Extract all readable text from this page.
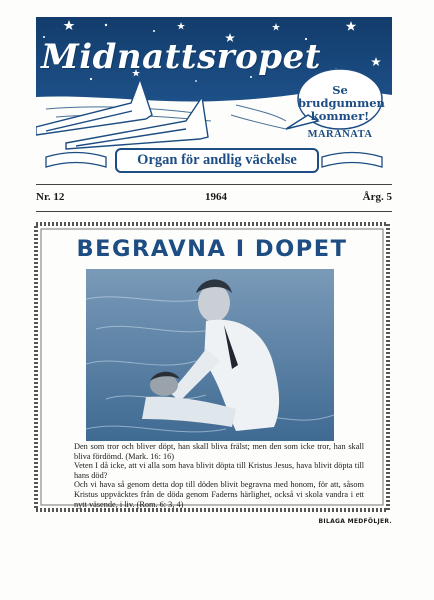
Midnattsropet
Se brudgummen kommer!
MARANATA
Organ för andlig väckelse
Nr. 12	1964	Årg. 5
BEGRAVNA I DOPET

Den som tror och bliver döpt, han skall bliva frälst; men den som icke tror, han skall bliva fördömd. (Mark. 16: 16)

Veten I då icke, att vi alla som hava blivit döpta till Kristus Jesus, hava blivit döpta till hans död?

Och vi hava så genom detta dop till döden blivit begravna med honom, för att, såsom Kristus uppväcktes från de döda genom Faderns härlighet, också vi skola vandra i ett nytt väsende, i liv. (Rom. 6: 3, 4)

BILAGA MEDFÖLJER.
